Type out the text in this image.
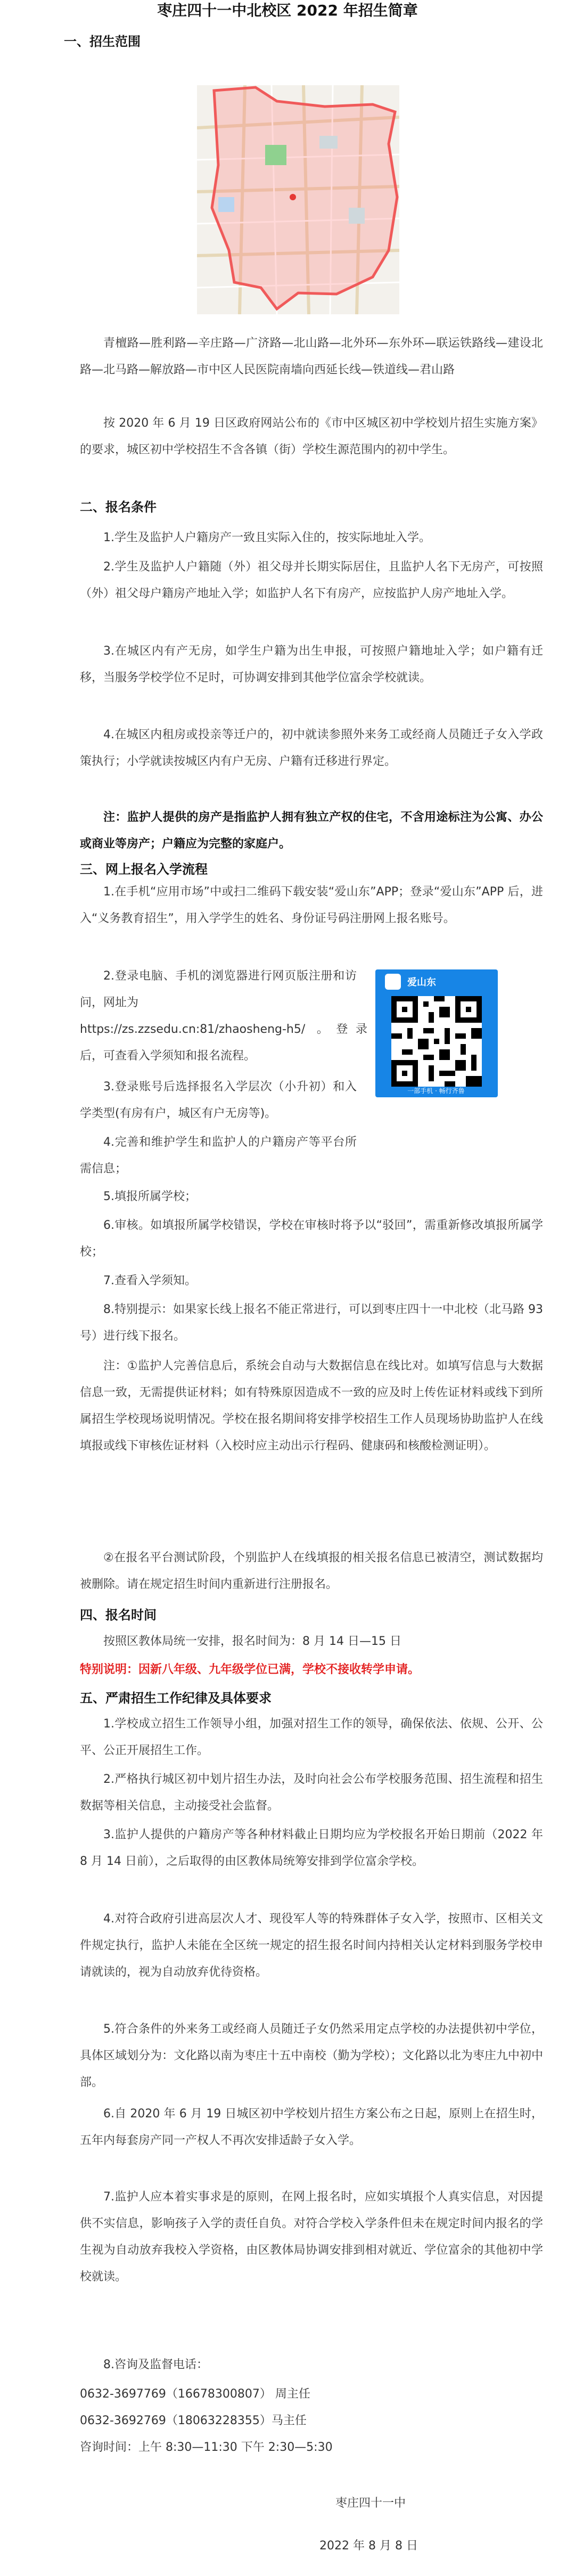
枣庄四十一中北校区 2022 年招生简章
一、招生范围
青檀路—胜利路—辛庄路—广济路—北山路—北外环—东外环—联运铁路线—建设北路—北马路—解放路—市中区人民医院南墙向西延长线—铁道线—君山路
按 2020 年 6 月 19 日区政府网站公布的《市中区城区初中学校划片招生实施方案》的要求，城区初中学校招生不含各镇（街）学校生源范围内的初中学生。
二、报名条件
1.学生及监护人户籍房产一致且实际入住的，按实际地址入学。
2.学生及监护人户籍随（外）祖父母并长期实际居住，且监护人名下无房产，可按照（外）祖父母户籍房产地址入学；如监护人名下有房产，应按监护人房产地址入学。
3.在城区内有产无房，如学生户籍为出生申报，可按照户籍地址入学；如户籍有迁移，当服务学校学位不足时，可协调安排到其他学位富余学校就读。
4.在城区内租房或投亲等迁户的，初中就读参照外来务工或经商人员随迁子女入学政策执行；小学就读按城区内有户无房、户籍有迁移进行界定。
注：监护人提供的房产是指监护人拥有独立产权的住宅，不含用途标注为公寓、办公或商业等房产；户籍应为完整的家庭户。
三、网上报名入学流程
1.在手机“应用市场”中或扫二维码下载安装“爱山东”APP；登录“爱山东”APP 后，进入“义务教育招生”，用入学学生的姓名、身份证号码注册网上报名账号。
2.登录电脑、手机的浏览器进行网页版注册和访问，网址为
https://zs.zzsedu.cn:81/zhaosheng-h5/ 。登录后，可查看入学须知和报名流程。
3.登录账号后选择报名入学层次（小升初）和入学类型(有房有户，城区有户无房等)。
4.完善和维护学生和监护人的户籍房产等平台所需信息；
爱山东
一部手机 · 畅行齐鲁
5.填报所属学校；
6.审核。如填报所属学校错误，学校在审核时将予以“驳回”，需重新修改填报所属学校；
7.查看入学须知。
8.特别提示：如果家长线上报名不能正常进行，可以到枣庄四十一中北校（北马路 93 号）进行线下报名。
注：①监护人完善信息后，系统会自动与大数据信息在线比对。如填写信息与大数据信息一致，无需提供证材料；如有特殊原因造成不一致的应及时上传佐证材料或线下到所属招生学校现场说明情况。学校在报名期间将安排学校招生工作人员现场协助监护人在线填报或线下审核佐证材料（入校时应主动出示行程码、健康码和核酸检测证明）。
②在报名平台测试阶段，个别监护人在线填报的相关报名信息已被清空，测试数据均被删除。请在规定招生时间内重新进行注册报名。
四、报名时间
按照区教体局统一安排，报名时间为：8 月 14 日—15 日
特别说明：因新八年级、九年级学位已满，学校不接收转学申请。
五、严肃招生工作纪律及具体要求
1.学校成立招生工作领导小组，加强对招生工作的领导，确保依法、依规、公开、公平、公正开展招生工作。
2.严格执行城区初中划片招生办法，及时向社会公布学校服务范围、招生流程和招生数据等相关信息，主动接受社会监督。
3.监护人提供的户籍房产等各种材料截止日期均应为学校报名开始日期前（2022 年 8 月 14 日前），之后取得的由区教体局统筹安排到学位富余学校。
4.对符合政府引进高层次人才、现役军人等的特殊群体子女入学，按照市、区相关文件规定执行，监护人未能在全区统一规定的招生报名时间内持相关认定材料到服务学校申请就读的，视为自动放弃优待资格。
5.符合条件的外来务工或经商人员随迁子女仍然采用定点学校的办法提供初中学位，具体区域划分为：文化路以南为枣庄十五中南校（勤为学校）；文化路以北为枣庄九中初中部。
6.自 2020 年 6 月 19 日城区初中学校划片招生方案公布之日起，原则上在招生时，五年内每套房产同一产权人不再次安排适龄子女入学。
7.监护人应本着实事求是的原则，在网上报名时，应如实填报个人真实信息，对因提供不实信息，影响孩子入学的责任自负。对符合学校入学条件但未在规定时间内报名的学生视为自动放弃我校入学资格，由区教体局协调安排到相对就近、学位富余的其他初中学校就读。
8.咨询及监督电话：
0632-3697769（16678300807） 周主任
0632-3692769（18063228355）马主任
咨询时间：上午 8:30—11:30 下午 2:30—5:30
枣庄四十一中
2022 年 8 月 8 日
